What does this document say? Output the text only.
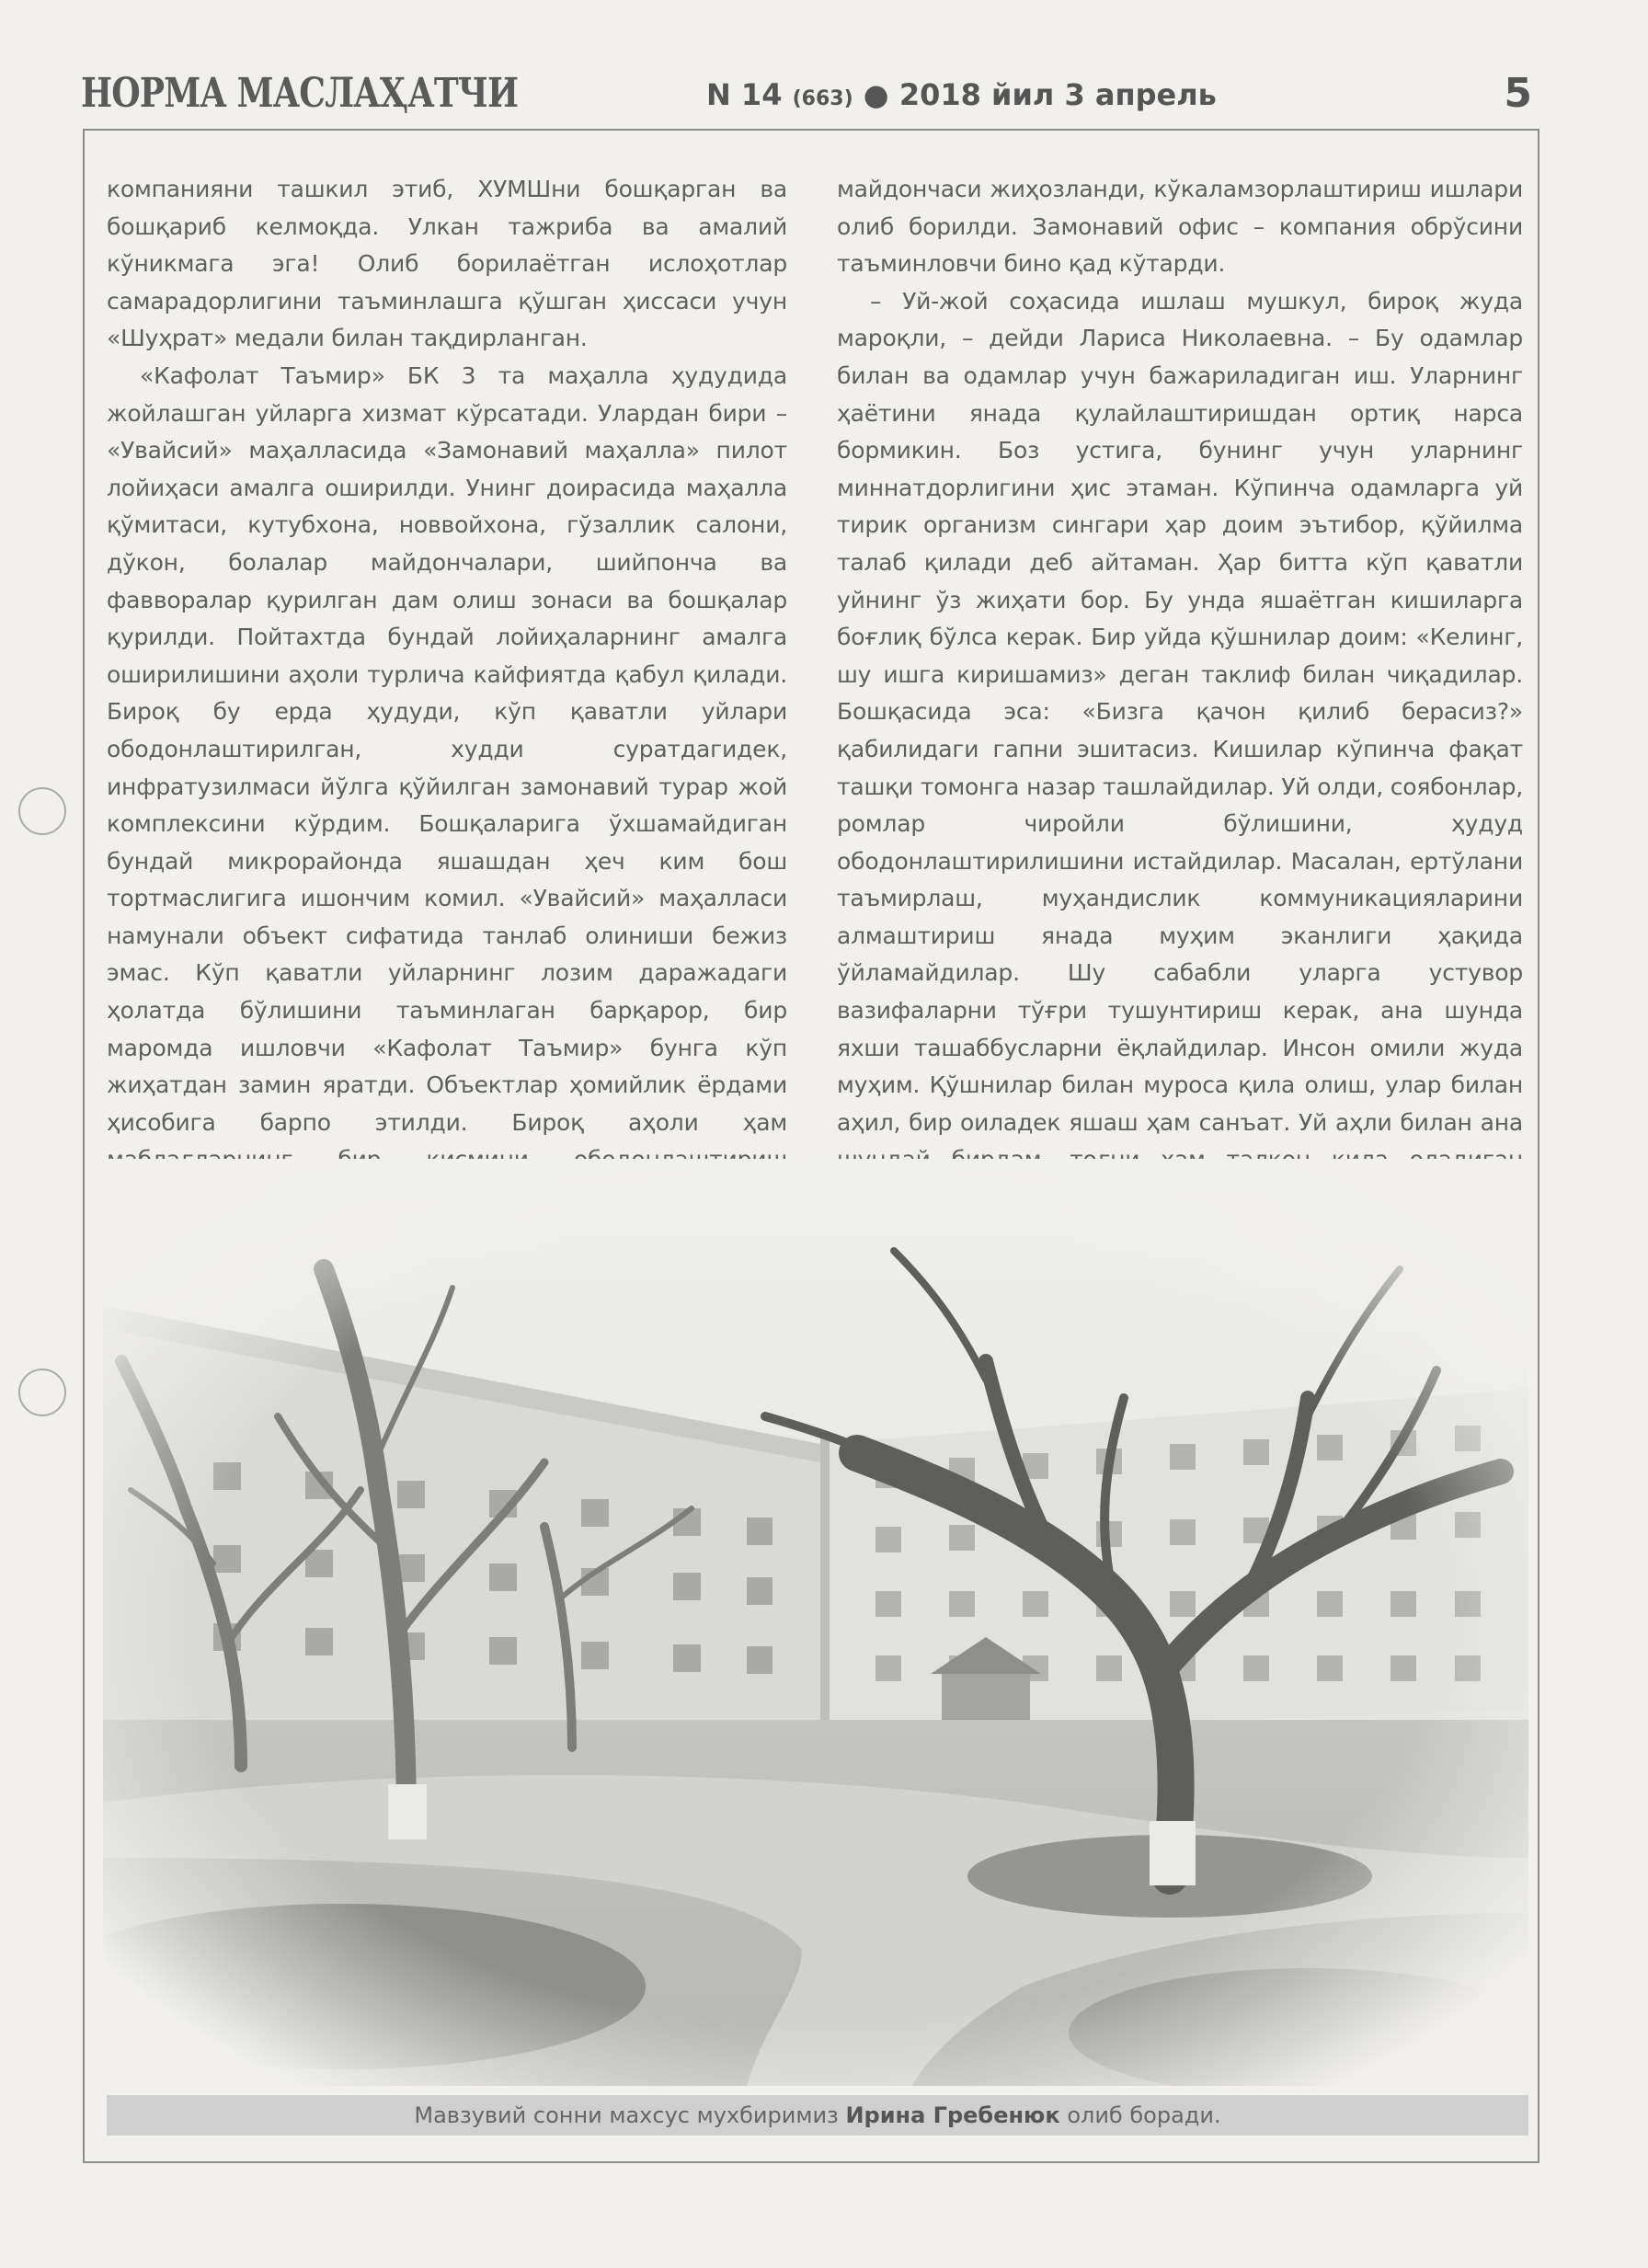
НОРМА МАСЛАҲАТЧИ	N 14 (663) ● 2018 йил 3 апрель	5

компанияни ташкил этиб, ХУМШни бошқарган ва бошқариб келмоқда. Улкан тажриба ва амалий кўникмага эга! Олиб борилаётган ислоҳотлар самарадорлигини таъминлашга қўшган ҳиссаси учун «Шуҳрат» медали билан тақдирланган.

«Кафолат Таъмир» БК 3 та маҳалла ҳудудида жойлашган уйларга хизмат кўрсатади. Улардан бири – «Увайсий» маҳалласида «Замонавий маҳалла» пилот лойиҳаси амалга оширилди. Унинг доирасида маҳалла қўмитаси, кутубхона, новвойхона, гўзаллик салони, дўкон, болалар майдончалари, шийпонча ва фавворалар қурилган дам олиш зонаси ва бошқалар қурилди. Пойтахтда бундай лойиҳаларнинг амалга оширилишини аҳоли турлича кайфиятда қабул қилади. Бироқ бу ерда ҳудуди, кўп қаватли уйлари ободонлаштирилган, худди суратдагидек, инфратузилмаси йўлга қўйилган замонавий турар жой комплексини кўрдим. Бошқаларига ўхшамайдиган бундай микрорайонда яшашдан ҳеч ким бош тортмаслигига ишончим комил. «Увайсий» маҳалласи намунали объект сифатида танлаб олиниши бежиз эмас. Кўп қаватли уйларнинг лозим даражадаги ҳолатда бўлишини таъминлаган барқарор, бир маромда ишловчи «Кафолат Таъмир» бунга кўп жиҳатдан замин яратди. Объектлар ҳомийлик ёрдами ҳисобига барпо этилди. Бироқ аҳоли ҳам

майдончаси жиҳозланди, кўкаламзорлаштириш ишлари олиб борилди. Замонавий офис – компания обрўсини таъминловчи бино қад кўтарди.

– Уй-жой соҳасида ишлаш мушкул, бироқ жуда мароқли, – дейди Лариса Николаевна. – Бу одамлар билан ва одамлар учун бажариладиган иш. Уларнинг ҳаётини янада қулайлаштиришдан ортиқ нарса бормикин. Боз устига, бунинг учун уларнинг миннатдорлигини ҳис этаман. Кўпинча одамларга уй тирик организм сингари ҳар доим эътибор, қўйилма талаб қилади деб айтаман. Ҳар битта кўп қаватли уйнинг ўз жиҳати бор. Бу унда яшаётган кишиларга боғлиқ бўлса керак. Бир уйда қўшнилар доим: «Келинг, шу ишга киришамиз» деган таклиф билан чиқадилар. Бошқасида эса: «Бизга қачон қилиб берасиз?» қабилидаги гапни эшитасиз. Кишилар кўпинча фақат ташқи томонга назар ташлайдилар. Уй олди, соябонлар, ромлар чиройли бўлишини, ҳудуд ободонлаштирилишини истайдилар. Масалан, ертўлани таъмирлаш, муҳандислик коммуникацияларини алмаштириш янада муҳим эканлиги ҳақида ўйламайдилар. Шу сабабли уларга устувор вазифаларни тўғри тушунтириш керак, ана шунда яхши ташаббусларни ёқлайдилар. Инсон омили жуда муҳим. Қўшнилар билан муроса қила олиш, улар билан аҳил, бир оиладек яшаш ҳам санъат. Уй аҳли билан ана

Мавзувий сонни махсус мухбиримиз Ирина Гребенюк олиб боради.
